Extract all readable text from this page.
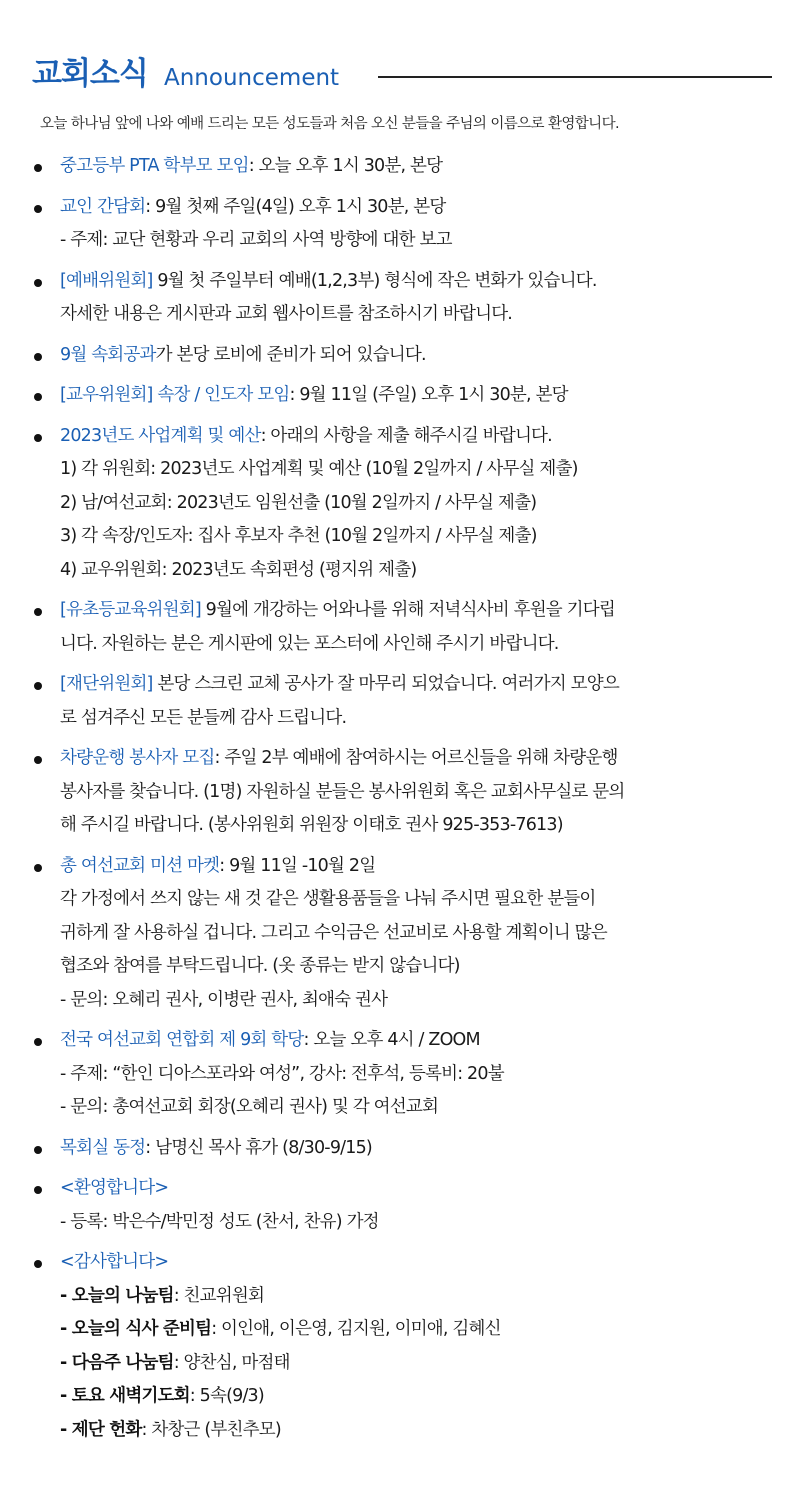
교회소식 Announcement
오늘 하나님 앞에 나와 예배 드리는 모든 성도들과 처음 오신 분들을 주님의 이름으로 환영합니다.
중고등부 PTA 학부모 모임: 오늘 오후 1시 30분, 본당
교인 간담회: 9월 첫째 주일(4일) 오후 1시 30분, 본당
- 주제: 교단 현황과 우리 교회의 사역 방향에 대한 보고
[예배위원회] 9월 첫 주일부터 예배(1,2,3부) 형식에 작은 변화가 있습니다.
자세한 내용은 게시판과 교회 웹사이트를 참조하시기 바랍니다.
9월 속회공과가 본당 로비에 준비가 되어 있습니다.
[교우위원회] 속장 / 인도자 모임: 9월 11일 (주일) 오후 1시 30분, 본당
2023년도 사업계획 및 예산: 아래의 사항을 제출 해주시길 바랍니다.
1) 각 위원회: 2023년도 사업계획 및 예산 (10월 2일까지 / 사무실 제출)
2) 남/여선교회: 2023년도 임원선출 (10월 2일까지 / 사무실 제출)
3) 각 속장/인도자: 집사 후보자 추천 (10월 2일까지 / 사무실 제출)
4) 교우위원회: 2023년도 속회편성 (평지위 제출)
[유초등교육위원회] 9월에 개강하는 어와나를 위해 저녁식사비 후원을 기다립
니다. 자원하는 분은 게시판에 있는 포스터에 사인해 주시기 바랍니다.
[재단위원회] 본당 스크린 교체 공사가 잘 마무리 되었습니다. 여러가지 모양으
로 섬겨주신 모든 분들께 감사 드립니다.
차량운행 봉사자 모집: 주일 2부 예배에 참여하시는 어르신들을 위해 차량운행
봉사자를 찾습니다. (1명) 자원하실 분들은 봉사위원회 혹은 교회사무실로 문의
해 주시길 바랍니다. (봉사위원회 위원장 이태호 권사 925-353-7613)
총 여선교회 미션 마켓: 9월 11일 -10월 2일
각 가정에서 쓰지 않는 새 것 같은 생활용품들을 나눠 주시면 필요한 분들이
귀하게 잘 사용하실 겁니다. 그리고 수익금은 선교비로 사용할 계획이니 많은
협조와 참여를 부탁드립니다. (옷 종류는 받지 않습니다)
- 문의: 오혜리 권사, 이병란 권사, 최애숙 권사
전국 여선교회 연합회 제 9회 학당: 오늘 오후 4시 / ZOOM
- 주제: “한인 디아스포라와 여성”, 강사: 전후석, 등록비: 20불
- 문의: 총여선교회 회장(오혜리 권사) 및 각 여선교회
목회실 동정: 남명신 목사 휴가 (8/30-9/15)
<환영합니다>
- 등록: 박은수/박민정 성도 (찬서, 찬유) 가정
<감사합니다>
- 오늘의 나눔팀: 친교위원회
- 오늘의 식사 준비팀: 이인애, 이은영, 김지원, 이미애, 김혜신
- 다음주 나눔팀: 양찬심, 마점태
- 토요 새벽기도회: 5속(9/3)
- 제단 헌화: 차창근 (부친추모)
